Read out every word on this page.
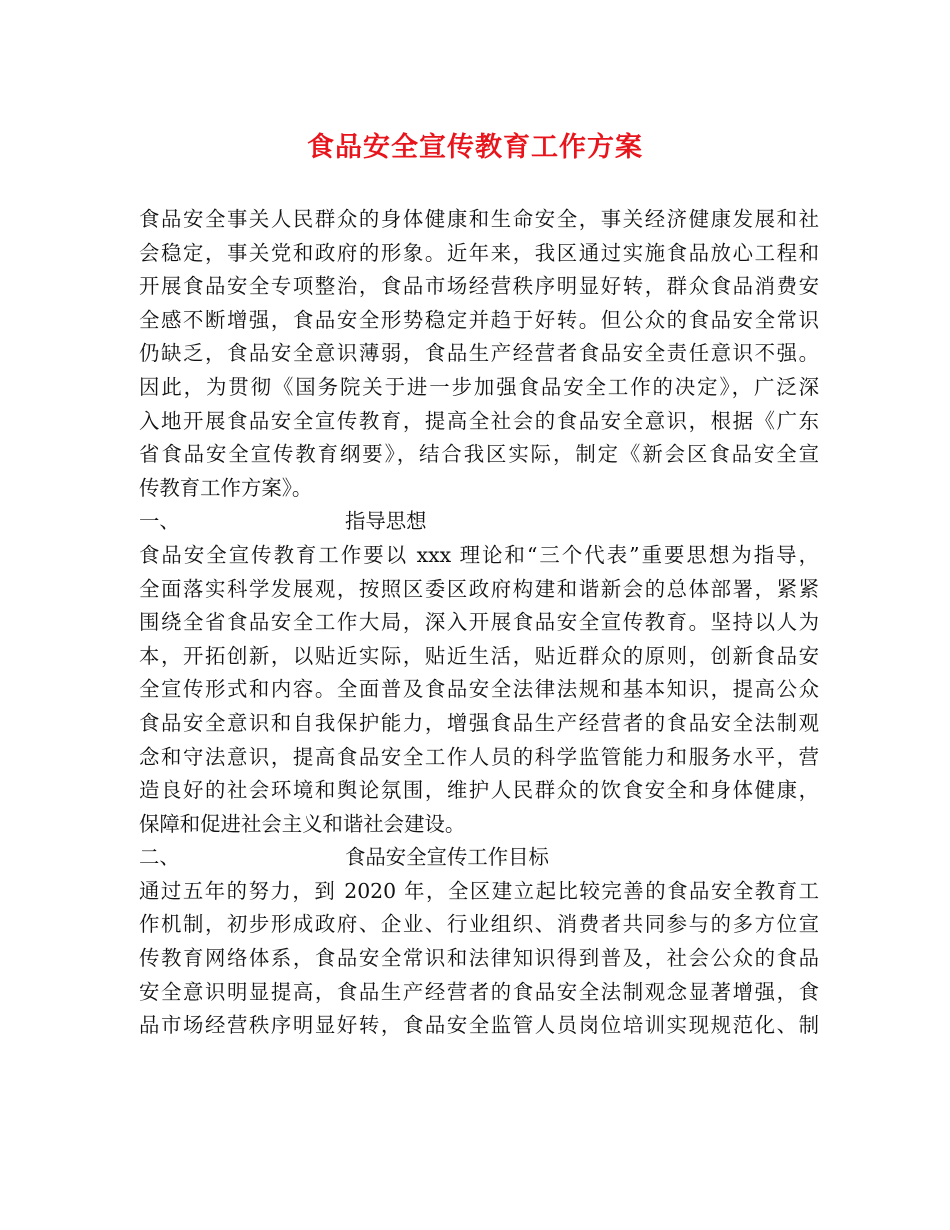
食品安全宣传教育工作方案
食品安全事关人民群众的身体健康和生命安全，事关经济健康发展和社
会稳定，事关党和政府的形象。近年来，我区通过实施食品放心工程和
开展食品安全专项整治，食品市场经营秩序明显好转，群众食品消费安
全感不断增强，食品安全形势稳定并趋于好转。但公众的食品安全常识
仍缺乏，食品安全意识薄弱，食品生产经营者食品安全责任意识不强。
因此，为贯彻《国务院关于进一步加强食品安全工作的决定》，广泛深
入地开展食品安全宣传教育，提高全社会的食品安全意识，根据《广东
省食品安全宣传教育纲要》，结合我区实际，制定《新会区食品安全宣
传教育工作方案》。
一、	指导思想
食品安全宣传教育工作要以 xxx 理论和“三个代表”重要思想为指导，
全面落实科学发展观，按照区委区政府构建和谐新会的总体部署，紧紧
围绕全省食品安全工作大局，深入开展食品安全宣传教育。坚持以人为
本，开拓创新，以贴近实际，贴近生活，贴近群众的原则，创新食品安
全宣传形式和内容。全面普及食品安全法律法规和基本知识，提高公众
食品安全意识和自我保护能力，增强食品生产经营者的食品安全法制观
念和守法意识，提高食品安全工作人员的科学监管能力和服务水平，营
造良好的社会环境和舆论氛围，维护人民群众的饮食安全和身体健康，
保障和促进社会主义和谐社会建设。
二、	食品安全宣传工作目标
通过五年的努力，到 2020 年，全区建立起比较完善的食品安全教育工
作机制，初步形成政府、企业、行业组织、消费者共同参与的多方位宣
传教育网络体系，食品安全常识和法律知识得到普及，社会公众的食品
安全意识明显提高，食品生产经营者的食品安全法制观念显著增强，食
品市场经营秩序明显好转，食品安全监管人员岗位培训实现规范化、制
